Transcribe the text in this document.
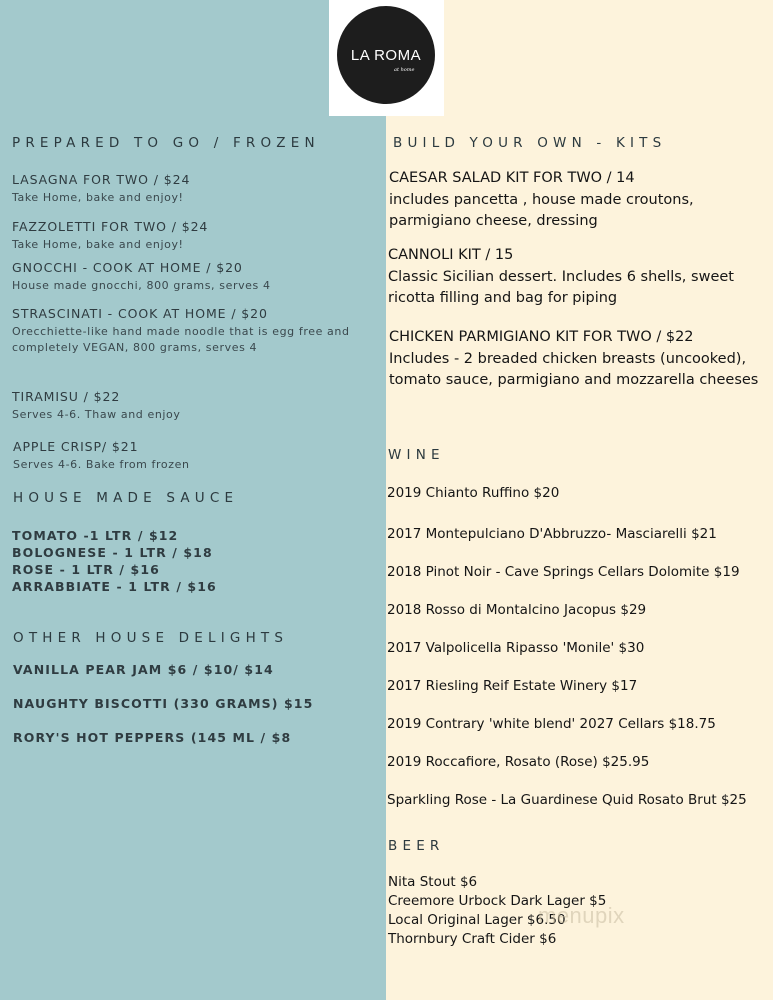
LA ROMA
at home
PREPARED TO GO / FROZEN
LASAGNA FOR TWO / $24
Take Home, bake and enjoy!
FAZZOLETTI FOR TWO / $24
Take Home, bake and enjoy!
GNOCCHI - COOK AT HOME / $20
House made gnocchi, 800 grams, serves 4
STRASCINATI - COOK AT HOME / $20
Orecchiette-like hand made noodle that is egg free and
completely VEGAN, 800 grams, serves 4
TIRAMISU / $22
Serves 4-6. Thaw and enjoy
APPLE CRISP/ $21
Serves 4-6. Bake from frozen
HOUSE MADE SAUCE
TOMATO -1 LTR / $12
BOLOGNESE - 1 LTR / $18
ROSE - 1 LTR / $16
ARRABBIATE - 1 LTR / $16
OTHER HOUSE DELIGHTS
VANILLA PEAR JAM $6 / $10/ $14
NAUGHTY BISCOTTI (330 GRAMS) $15
RORY'S HOT PEPPERS (145 ML / $8
BUILD YOUR OWN - KITS
CAESAR SALAD KIT FOR TWO / 14
includes pancetta , house made croutons,
parmigiano cheese, dressing
CANNOLI KIT / 15
Classic Sicilian dessert. Includes 6 shells, sweet
ricotta filling and bag for piping
CHICKEN PARMIGIANO KIT FOR TWO / $22
Includes - 2 breaded chicken breasts (uncooked),
tomato sauce, parmigiano and mozzarella cheeses
WINE
2019 Chianto Ruffino $20
2017 Montepulciano D'Abbruzzo- Masciarelli $21
2018 Pinot Noir - Cave Springs Cellars Dolomite $19
2018 Rosso di Montalcino Jacopus $29
2017 Valpolicella Ripasso 'Monile' $30
2017 Riesling Reif Estate Winery $17
2019 Contrary 'white blend' 2027 Cellars $18.75
2019 Roccafiore, Rosato (Rose) $25.95
Sparkling Rose - La Guardinese Quid Rosato Brut $25
BEER
Nita Stout $6
Creemore Urbock Dark Lager $5
Local Original Lager $6.50
Thornbury Craft Cider $6
menupix
